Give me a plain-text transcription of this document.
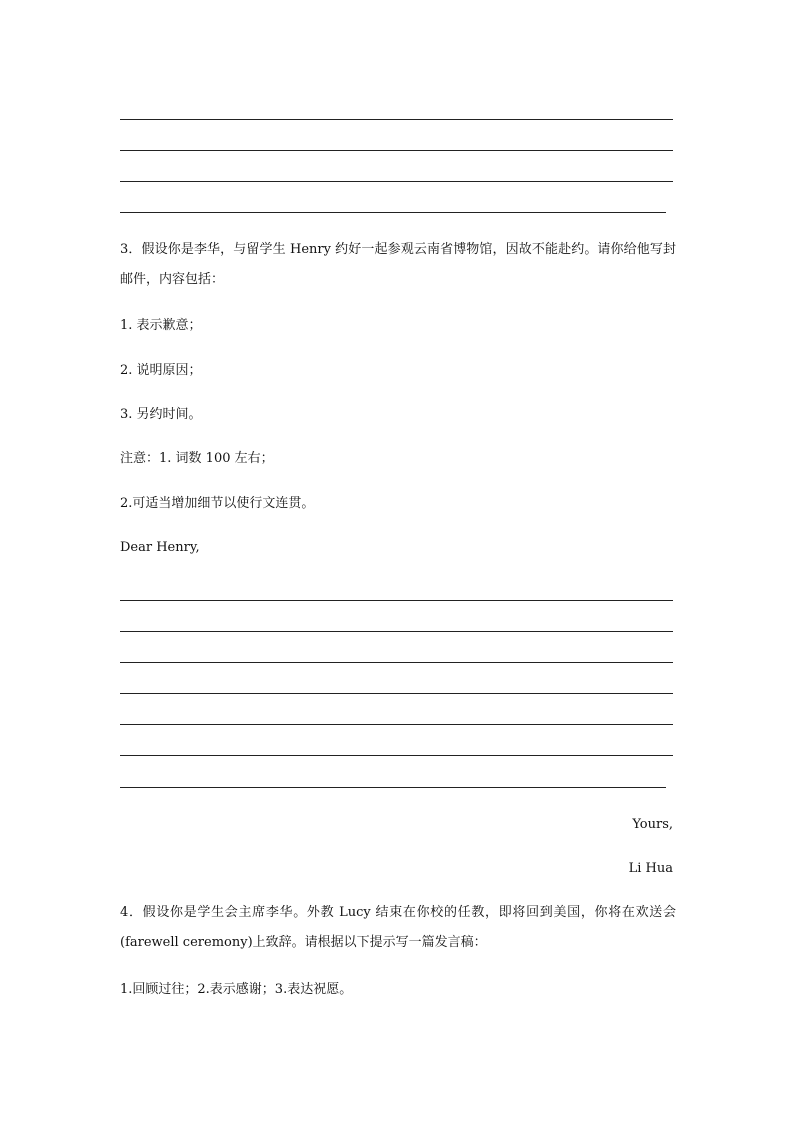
3．假设你是李华，与留学生 Henry 约好一起参观云南省博物馆，因故不能赴约。请你给他写封邮件，内容包括：
1. 表示歉意；
2. 说明原因；
3. 另约时间。
注意：1. 词数 100 左右；
2.可适当增加细节以使行文连贯。
Dear Henry,
Yours,
Li Hua
4．假设你是学生会主席李华。外教 Lucy 结束在你校的任教，即将回到美国，你将在欢送会(farewell ceremony)上致辞。请根据以下提示写一篇发言稿：
1.回顾过往；2.表示感谢；3.表达祝愿。
